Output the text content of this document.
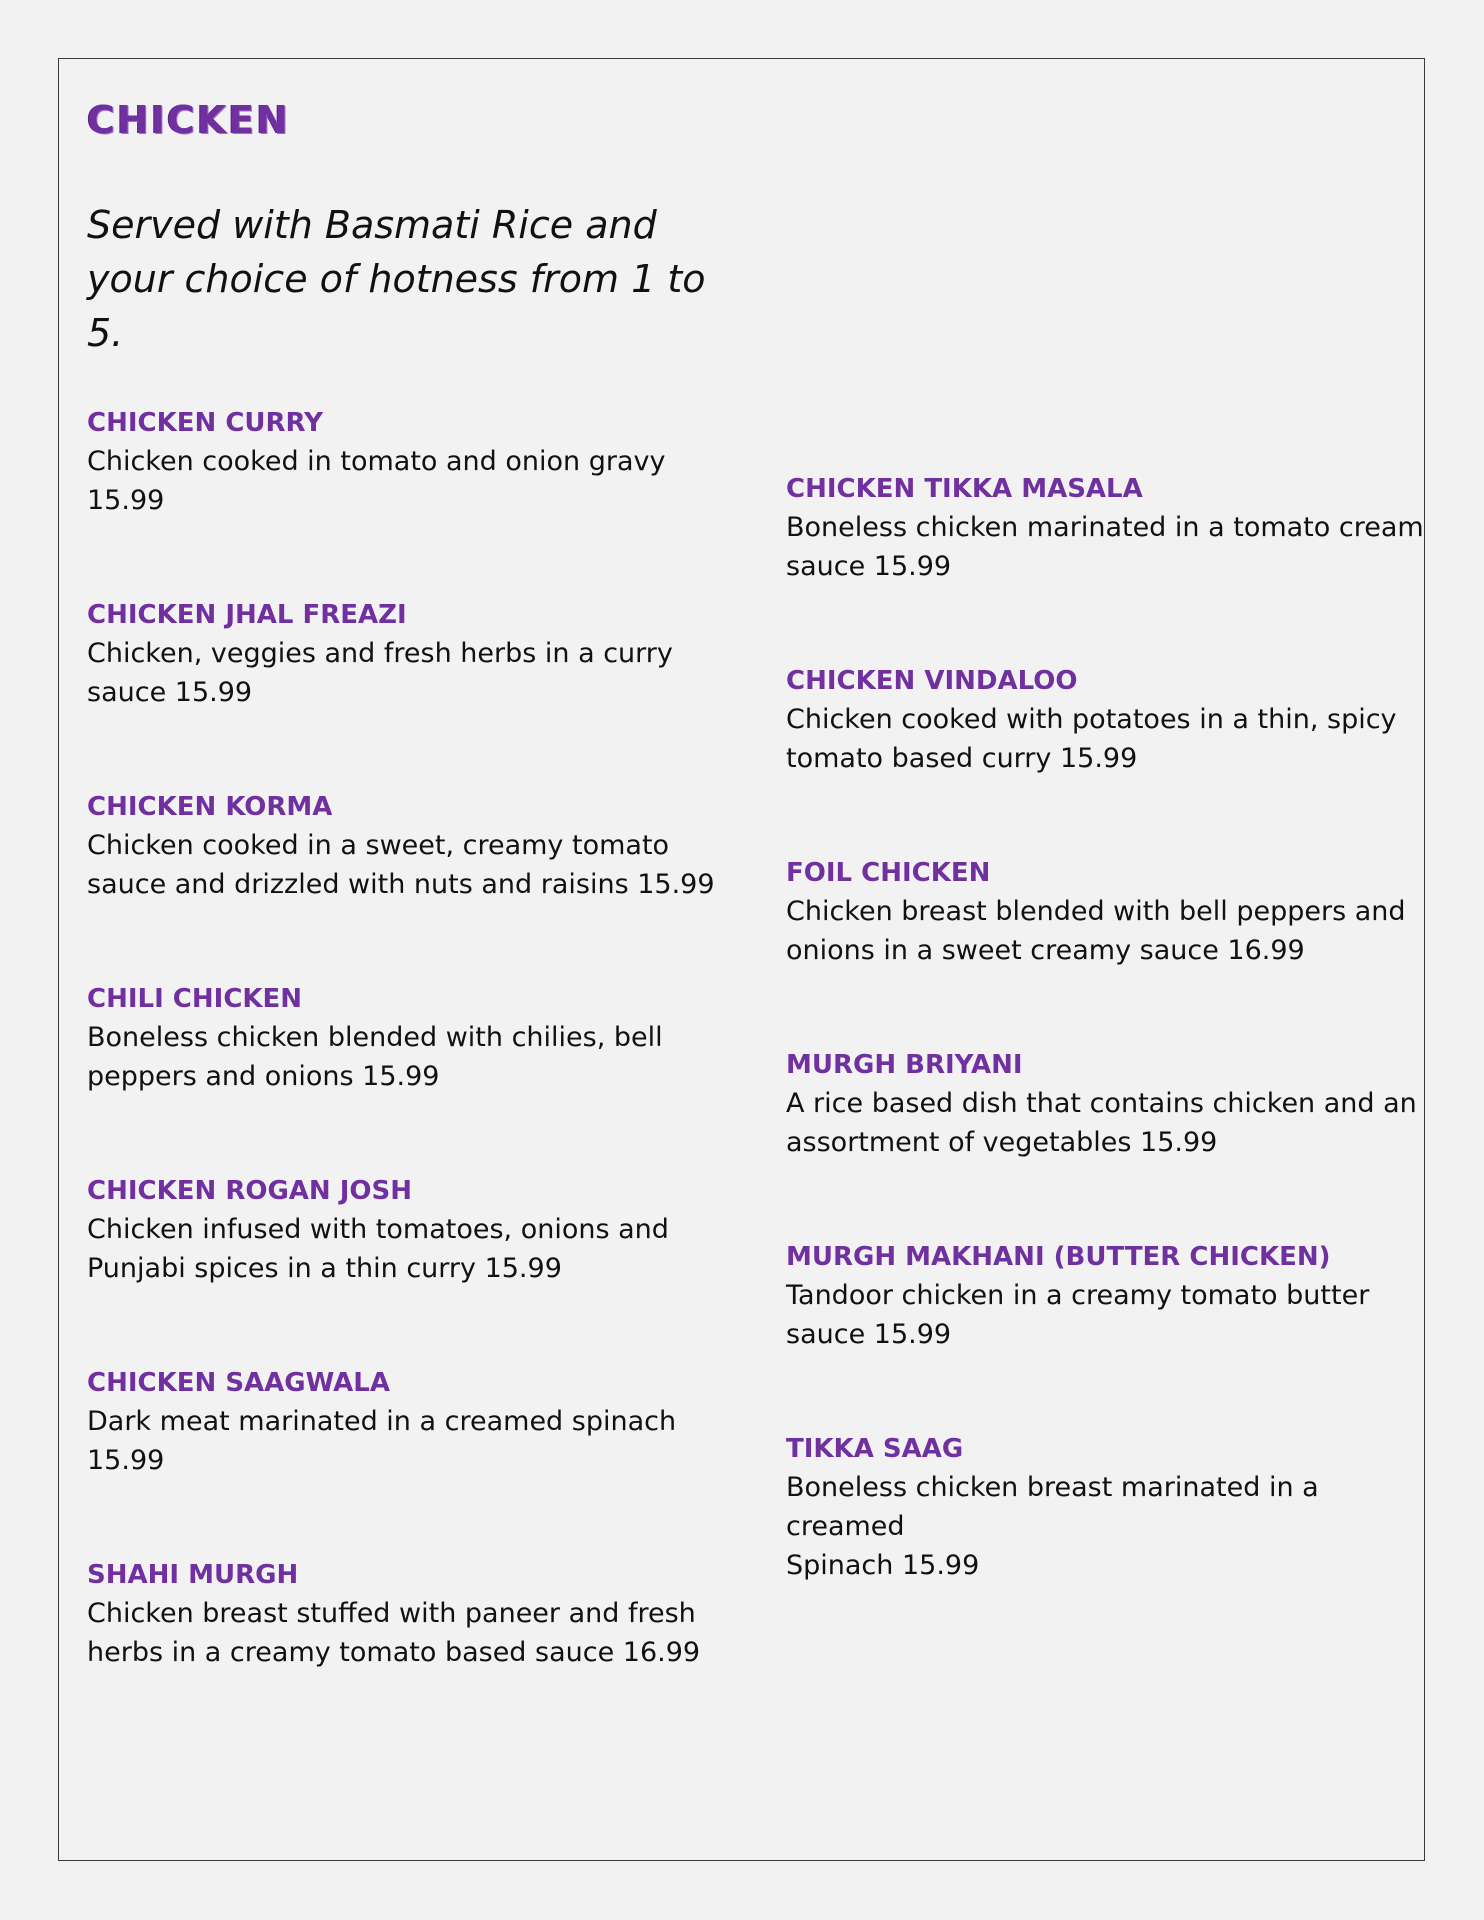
CHICKEN

Served with Basmati Rice and your choice of hotness from 1 to 5.

CHICKEN CURRY

Chicken cooked in tomato and onion gravy
15.99

CHICKEN JHAL FREAZI

Chicken, veggies and fresh herbs in a curry
sauce 15.99

CHICKEN KORMA

Chicken cooked in a sweet, creamy tomato
sauce and drizzled with nuts and raisins 15.99

CHILI CHICKEN

Boneless chicken blended with chilies, bell
peppers and onions 15.99

CHICKEN ROGAN JOSH

Chicken infused with tomatoes, onions and
Punjabi spices in a thin curry 15.99

CHICKEN SAAGWALA

Dark meat marinated in a creamed spinach
15.99

SHAHI MURGH

Chicken breast stuffed with paneer and fresh
herbs in a creamy tomato based sauce 16.99

CHICKEN TIKKA MASALA

Boneless chicken marinated in a tomato cream
sauce 15.99

CHICKEN VINDALOO

Chicken cooked with potatoes in a thin, spicy
tomato based curry 15.99

FOIL CHICKEN

Chicken breast blended with bell peppers and
onions in a sweet creamy sauce 16.99

MURGH BRIYANI

A rice based dish that contains chicken and an
assortment of vegetables 15.99

MURGH MAKHANI (BUTTER CHICKEN)

Tandoor chicken in a creamy tomato butter
sauce 15.99

TIKKA SAAG

Boneless chicken breast marinated in a
creamed
Spinach 15.99
